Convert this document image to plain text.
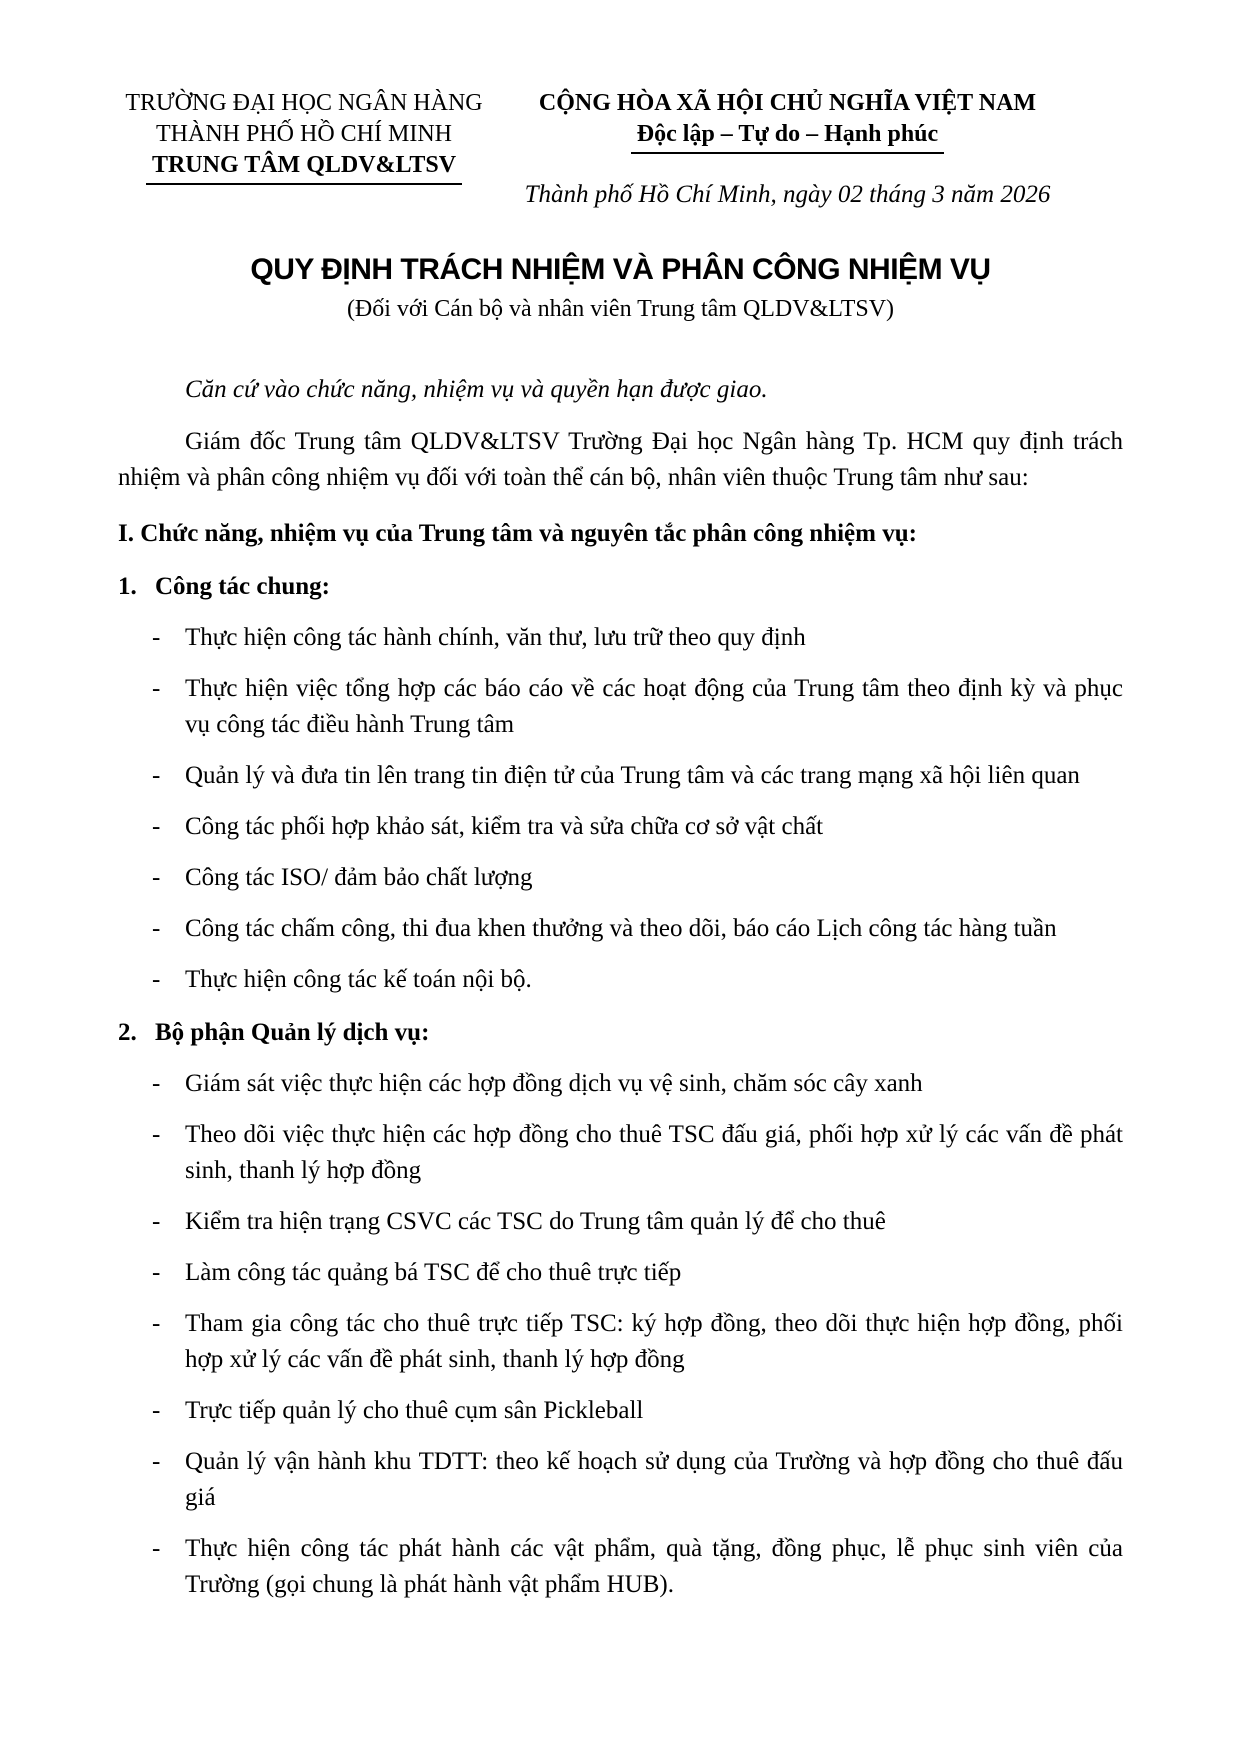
TRƯỜNG ĐẠI HỌC NGÂN HÀNG
THÀNH PHỐ HỒ CHÍ MINH
TRUNG TÂM QLDV&LTSV
CỘNG HÒA XÃ HỘI CHỦ NGHĨA VIỆT NAM
Độc lập – Tự do – Hạnh phúc
Thành phố Hồ Chí Minh, ngày 02 tháng 3 năm 2026
QUY ĐỊNH TRÁCH NHIỆM VÀ PHÂN CÔNG NHIỆM VỤ
(Đối với Cán bộ và nhân viên Trung tâm QLDV&LTSV)
Căn cứ vào chức năng, nhiệm vụ và quyền hạn được giao.
Giám đốc Trung tâm QLDV&LTSV Trường Đại học Ngân hàng Tp. HCM quy định trách nhiệm và phân công nhiệm vụ đối với toàn thể cán bộ, nhân viên thuộc Trung tâm như sau:
I. Chức năng, nhiệm vụ của Trung tâm và nguyên tắc phân công nhiệm vụ:
1. Công tác chung:
- Thực hiện công tác hành chính, văn thư, lưu trữ theo quy định
- Thực hiện việc tổng hợp các báo cáo về các hoạt động của Trung tâm theo định kỳ và phục vụ công tác điều hành Trung tâm
- Quản lý và đưa tin lên trang tin điện tử của Trung tâm và các trang mạng xã hội liên quan
- Công tác phối hợp khảo sát, kiểm tra và sửa chữa cơ sở vật chất
- Công tác ISO/ đảm bảo chất lượng
- Công tác chấm công, thi đua khen thưởng và theo dõi, báo cáo Lịch công tác hàng tuần
- Thực hiện công tác kế toán nội bộ.
2. Bộ phận Quản lý dịch vụ:
- Giám sát việc thực hiện các hợp đồng dịch vụ vệ sinh, chăm sóc cây xanh
- Theo dõi việc thực hiện các hợp đồng cho thuê TSC đấu giá, phối hợp xử lý các vấn đề phát sinh, thanh lý hợp đồng
- Kiểm tra hiện trạng CSVC các TSC do Trung tâm quản lý để cho thuê
- Làm công tác quảng bá TSC để cho thuê trực tiếp
- Tham gia công tác cho thuê trực tiếp TSC: ký hợp đồng, theo dõi thực hiện hợp đồng, phối hợp xử lý các vấn đề phát sinh, thanh lý hợp đồng
- Trực tiếp quản lý cho thuê cụm sân Pickleball
- Quản lý vận hành khu TDTT: theo kế hoạch sử dụng của Trường và hợp đồng cho thuê đấu giá
- Thực hiện công tác phát hành các vật phẩm, quà tặng, đồng phục, lễ phục sinh viên của Trường (gọi chung là phát hành vật phẩm HUB).
